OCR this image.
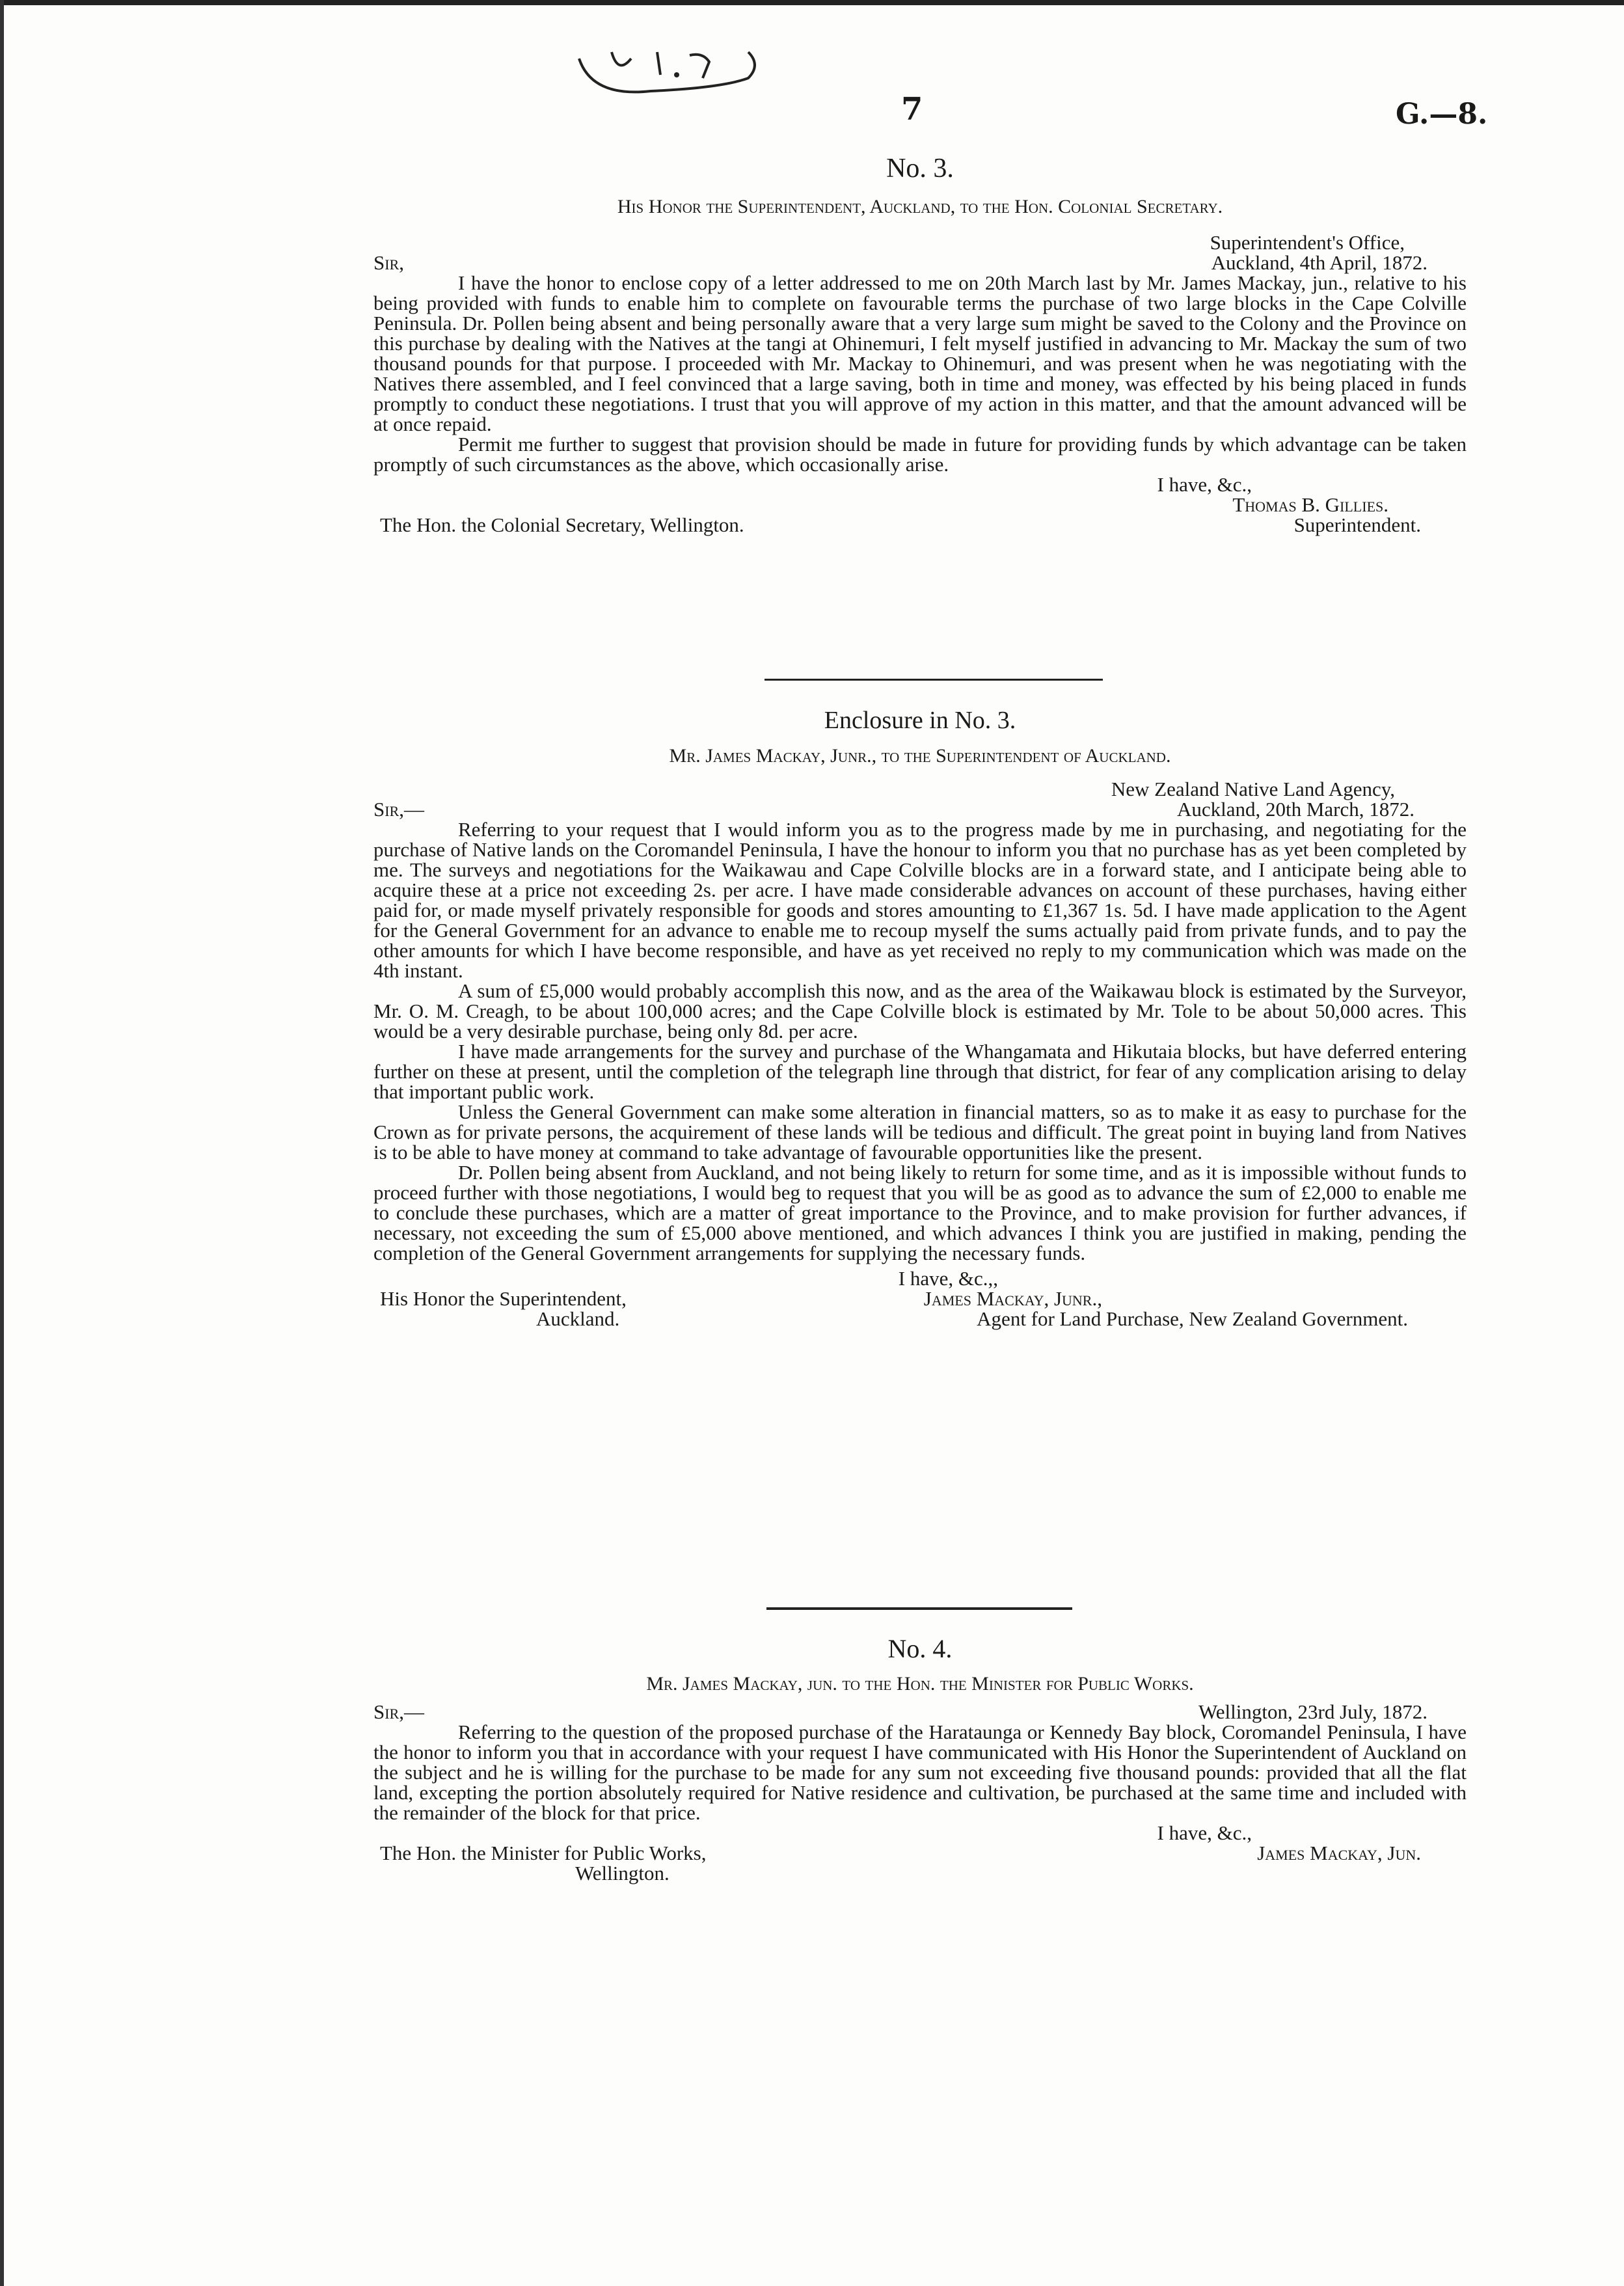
7	G.—8.

No. 3.

His Honor the Superintendent, Auckland, to the Hon. Colonial Secretary.

Superintendent's Office,

Sir,	Auckland, 4th April, 1872.

I have the honor to enclose copy of a letter addressed to me on 20th March last by Mr. James Mackay, jun., relative to his being provided with funds to enable him to complete on favourable terms the purchase of two large blocks in the Cape Colville Peninsula. Dr. Pollen being absent and being personally aware that a very large sum might be saved to the Colony and the Province on this purchase by dealing with the Natives at the tangi at Ohinemuri, I felt myself justified in advancing to Mr. Mackay the sum of two thousand pounds for that purpose. I proceeded with Mr. Mackay to Ohinemuri, and was present when he was negotiating with the Natives there assembled, and I feel convinced that a large saving, both in time and money, was effected by his being placed in funds promptly to conduct these negotiations. I trust that you will approve of my action in this matter, and that the amount advanced will be at once repaid.

Permit me further to suggest that provision should be made in future for providing funds by which advantage can be taken promptly of such circumstances as the above, which occasionally arise.

I have, &c.,

Thomas B. Gillies.

The Hon. the Colonial Secretary, Wellington.	Superintendent.

Enclosure in No. 3.

Mr. James Mackay, Junr., to the Superintendent of Auckland.

New Zealand Native Land Agency,

Sir,—	Auckland, 20th March, 1872.

Referring to your request that I would inform you as to the progress made by me in purchasing, and negotiating for the purchase of Native lands on the Coromandel Peninsula, I have the honour to inform you that no purchase has as yet been completed by me. The surveys and negotiations for the Waikawau and Cape Colville blocks are in a forward state, and I anticipate being able to acquire these at a price not exceeding 2s. per acre. I have made considerable advances on account of these purchases, having either paid for, or made myself privately responsible for goods and stores amounting to £1,367 1s. 5d. I have made application to the Agent for the General Government for an advance to enable me to recoup myself the sums actually paid from private funds, and to pay the other amounts for which I have become responsible, and have as yet received no reply to my communication which was made on the 4th instant.

A sum of £5,000 would probably accomplish this now, and as the area of the Waikawau block is estimated by the Surveyor, Mr. O. M. Creagh, to be about 100,000 acres; and the Cape Colville block is estimated by Mr. Tole to be about 50,000 acres. This would be a very desirable purchase, being only 8d. per acre.

I have made arrangements for the survey and purchase of the Whangamata and Hikutaia blocks, but have deferred entering further on these at present, until the completion of the telegraph line through that district, for fear of any complication arising to delay that important public work.

Unless the General Government can make some alteration in financial matters, so as to make it as easy to purchase for the Crown as for private persons, the acquirement of these lands will be tedious and difficult. The great point in buying land from Natives is to be able to have money at command to take advantage of favourable opportunities like the present.

Dr. Pollen being absent from Auckland, and not being likely to return for some time, and as it is impossible without funds to proceed further with those negotiations, I would beg to request that you will be as good as to advance the sum of £2,000 to enable me to conclude these purchases, which are a matter of great importance to the Province, and to make provision for further advances, if necessary, not exceeding the sum of £5,000 above mentioned, and which advances I think you are justified in making, pending the completion of the General Government arrangements for supplying the necessary funds.

I have, &c.,,

His Honor the Superintendent,	James Mackay, Junr.,
Auckland.	Agent for Land Purchase, New Zealand Government.

No. 4.

Mr. James Mackay, jun. to the Hon. the Minister for Public Works.

Sir,—	Wellington, 23rd July, 1872.

Referring to the question of the proposed purchase of the Harataunga or Kennedy Bay block, Coromandel Peninsula, I have the honor to inform you that in accordance with your request I have communicated with His Honor the Superintendent of Auckland on the subject and he is willing for the purchase to be made for any sum not exceeding five thousand pounds: provided that all the flat land, excepting the portion absolutely required for Native residence and cultivation, be purchased at the same time and included with the remainder of the block for that price.

I have, &c.,

The Hon. the Minister for Public Works,	James Mackay, Jun.
Wellington.
